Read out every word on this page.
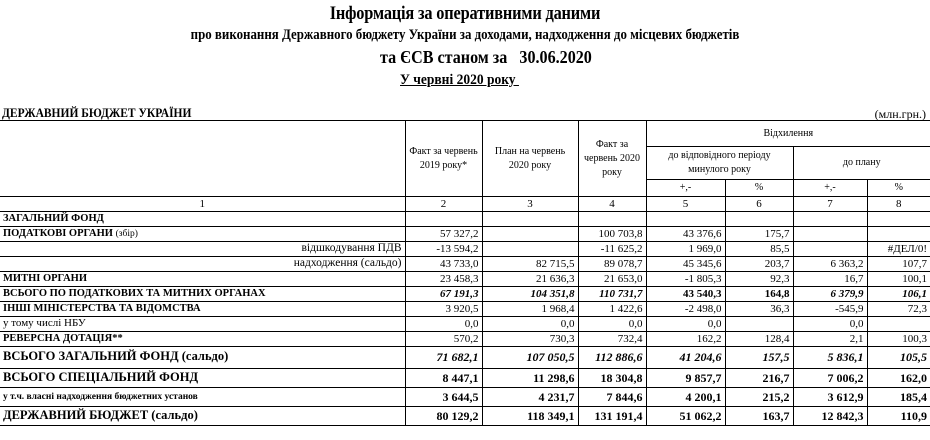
Інформація за оперативними даними
про виконання Державного бюджету України за доходами, надходження до місцевих бюджетів
та ЄСВ станом за   30.06.2020
У червні 2020 року
ДЕРЖАВНИЙ БЮДЖЕТ УКРАЇНИ	(млн.грн.)
	Факт за червень 2019 року*	План на червень 2020 року	Факт за червень 2020 року	Відхилення			
				до відповідного періоду минулого року		до плану	
				+,-	%	+,-	%
1	2	3	4	5	6	7	8
ЗАГАЛЬНИЙ ФОНД							
ПОДАТКОВІ ОРГАНИ (збір)	57 327,2		100 703,8	43 376,6	175,7		
відшкодування ПДВ	-13 594,2		-11 625,2	1 969,0	85,5		#ДЕЛ/0!
надходження (сальдо)	43 733,0	82 715,5	89 078,7	45 345,6	203,7	6 363,2	107,7
МИТНІ ОРГАНИ	23 458,3	21 636,3	21 653,0	-1 805,3	92,3	16,7	100,1
ВСЬОГО ПО ПОДАТКОВИХ ТА МИТНИХ ОРГАНАХ	67 191,3	104 351,8	110 731,7	43 540,3	164,8	6 379,9	106,1
ІНШІ МІНІСТЕРСТВА ТА ВІДОМСТВА	3 920,5	1 968,4	1 422,6	-2 498,0	36,3	-545,9	72,3
у тому числі НБУ	0,0	0,0	0,0	0,0		0,0	
РЕВЕРСНА ДОТАЦІЯ**	570,2	730,3	732,4	162,2	128,4	2,1	100,3
ВСЬОГО ЗАГАЛЬНИЙ ФОНД (сальдо)	71 682,1	107 050,5	112 886,6	41 204,6	157,5	5 836,1	105,5
ВСЬОГО СПЕЦІАЛЬНИЙ ФОНД	8 447,1	11 298,6	18 304,8	9 857,7	216,7	7 006,2	162,0
у т.ч. власні надходження бюджетних установ	3 644,5	4 231,7	7 844,6	4 200,1	215,2	3 612,9	185,4
ДЕРЖАВНИЙ БЮДЖЕТ (сальдо)	80 129,2	118 349,1	131 191,4	51 062,2	163,7	12 842,3	110,9
